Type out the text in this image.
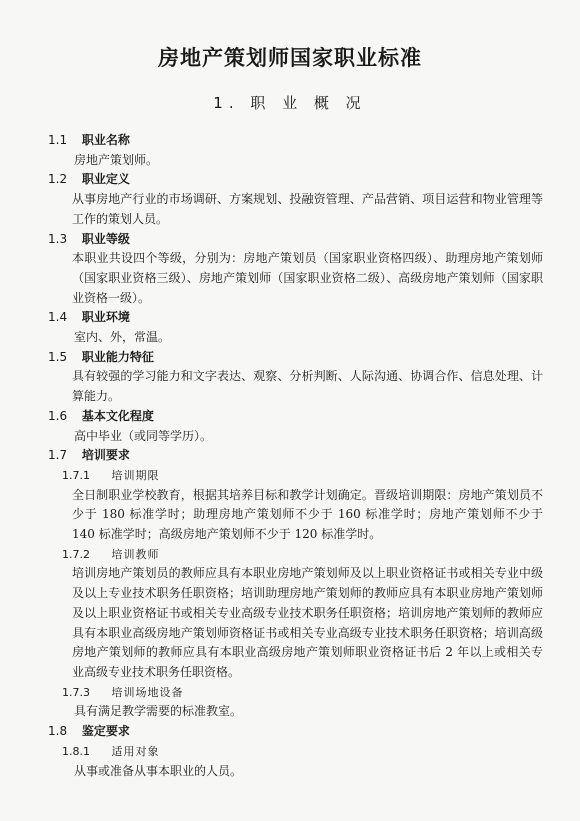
房地产策划师国家职业标准
1. 职 业 概 况
1.1 职业名称
房地产策划师。
1.2 职业定义
从事房地产行业的市场调研、方案规划、投融资管理、产品营销、项目运营和物业管理等工作的策划人员。
1.3 职业等级
本职业共设四个等级，分别为：房地产策划员（国家职业资格四级）、助理房地产策划师（国家职业资格三级）、房地产策划师（国家职业资格二级）、高级房地产策划师（国家职业资格一级）。
1.4 职业环境
室内、外，常温。
1.5 职业能力特征
具有较强的学习能力和文字表达、观察、分析判断、人际沟通、协调合作、信息处理、计算能力。
1.6 基本文化程度
高中毕业（或同等学历）。
1.7 培训要求
1.7.1 培训期限
全日制职业学校教育，根据其培养目标和教学计划确定。晋级培训期限：房地产策划员不少于 180 标准学时；助理房地产策划师不少于 160 标准学时；房地产策划师不少于 140 标准学时；高级房地产策划师不少于 120 标准学时。
1.7.2 培训教师
培训房地产策划员的教师应具有本职业房地产策划师及以上职业资格证书或相关专业中级及以上专业技术职务任职资格；培训助理房地产策划师的教师应具有本职业房地产策划师及以上职业资格证书或相关专业高级专业技术职务任职资格；培训房地产策划师的教师应具有本职业高级房地产策划师资格证书或相关专业高级专业技术职务任职资格；培训高级房地产策划师的教师应具有本职业高级房地产策划师职业资格证书后 2 年以上或相关专业高级专业技术职务任职资格。
1.7.3 培训场地设备
具有满足教学需要的标准教室。
1.8 鉴定要求
1.8.1 适用对象
从事或准备从事本职业的人员。
